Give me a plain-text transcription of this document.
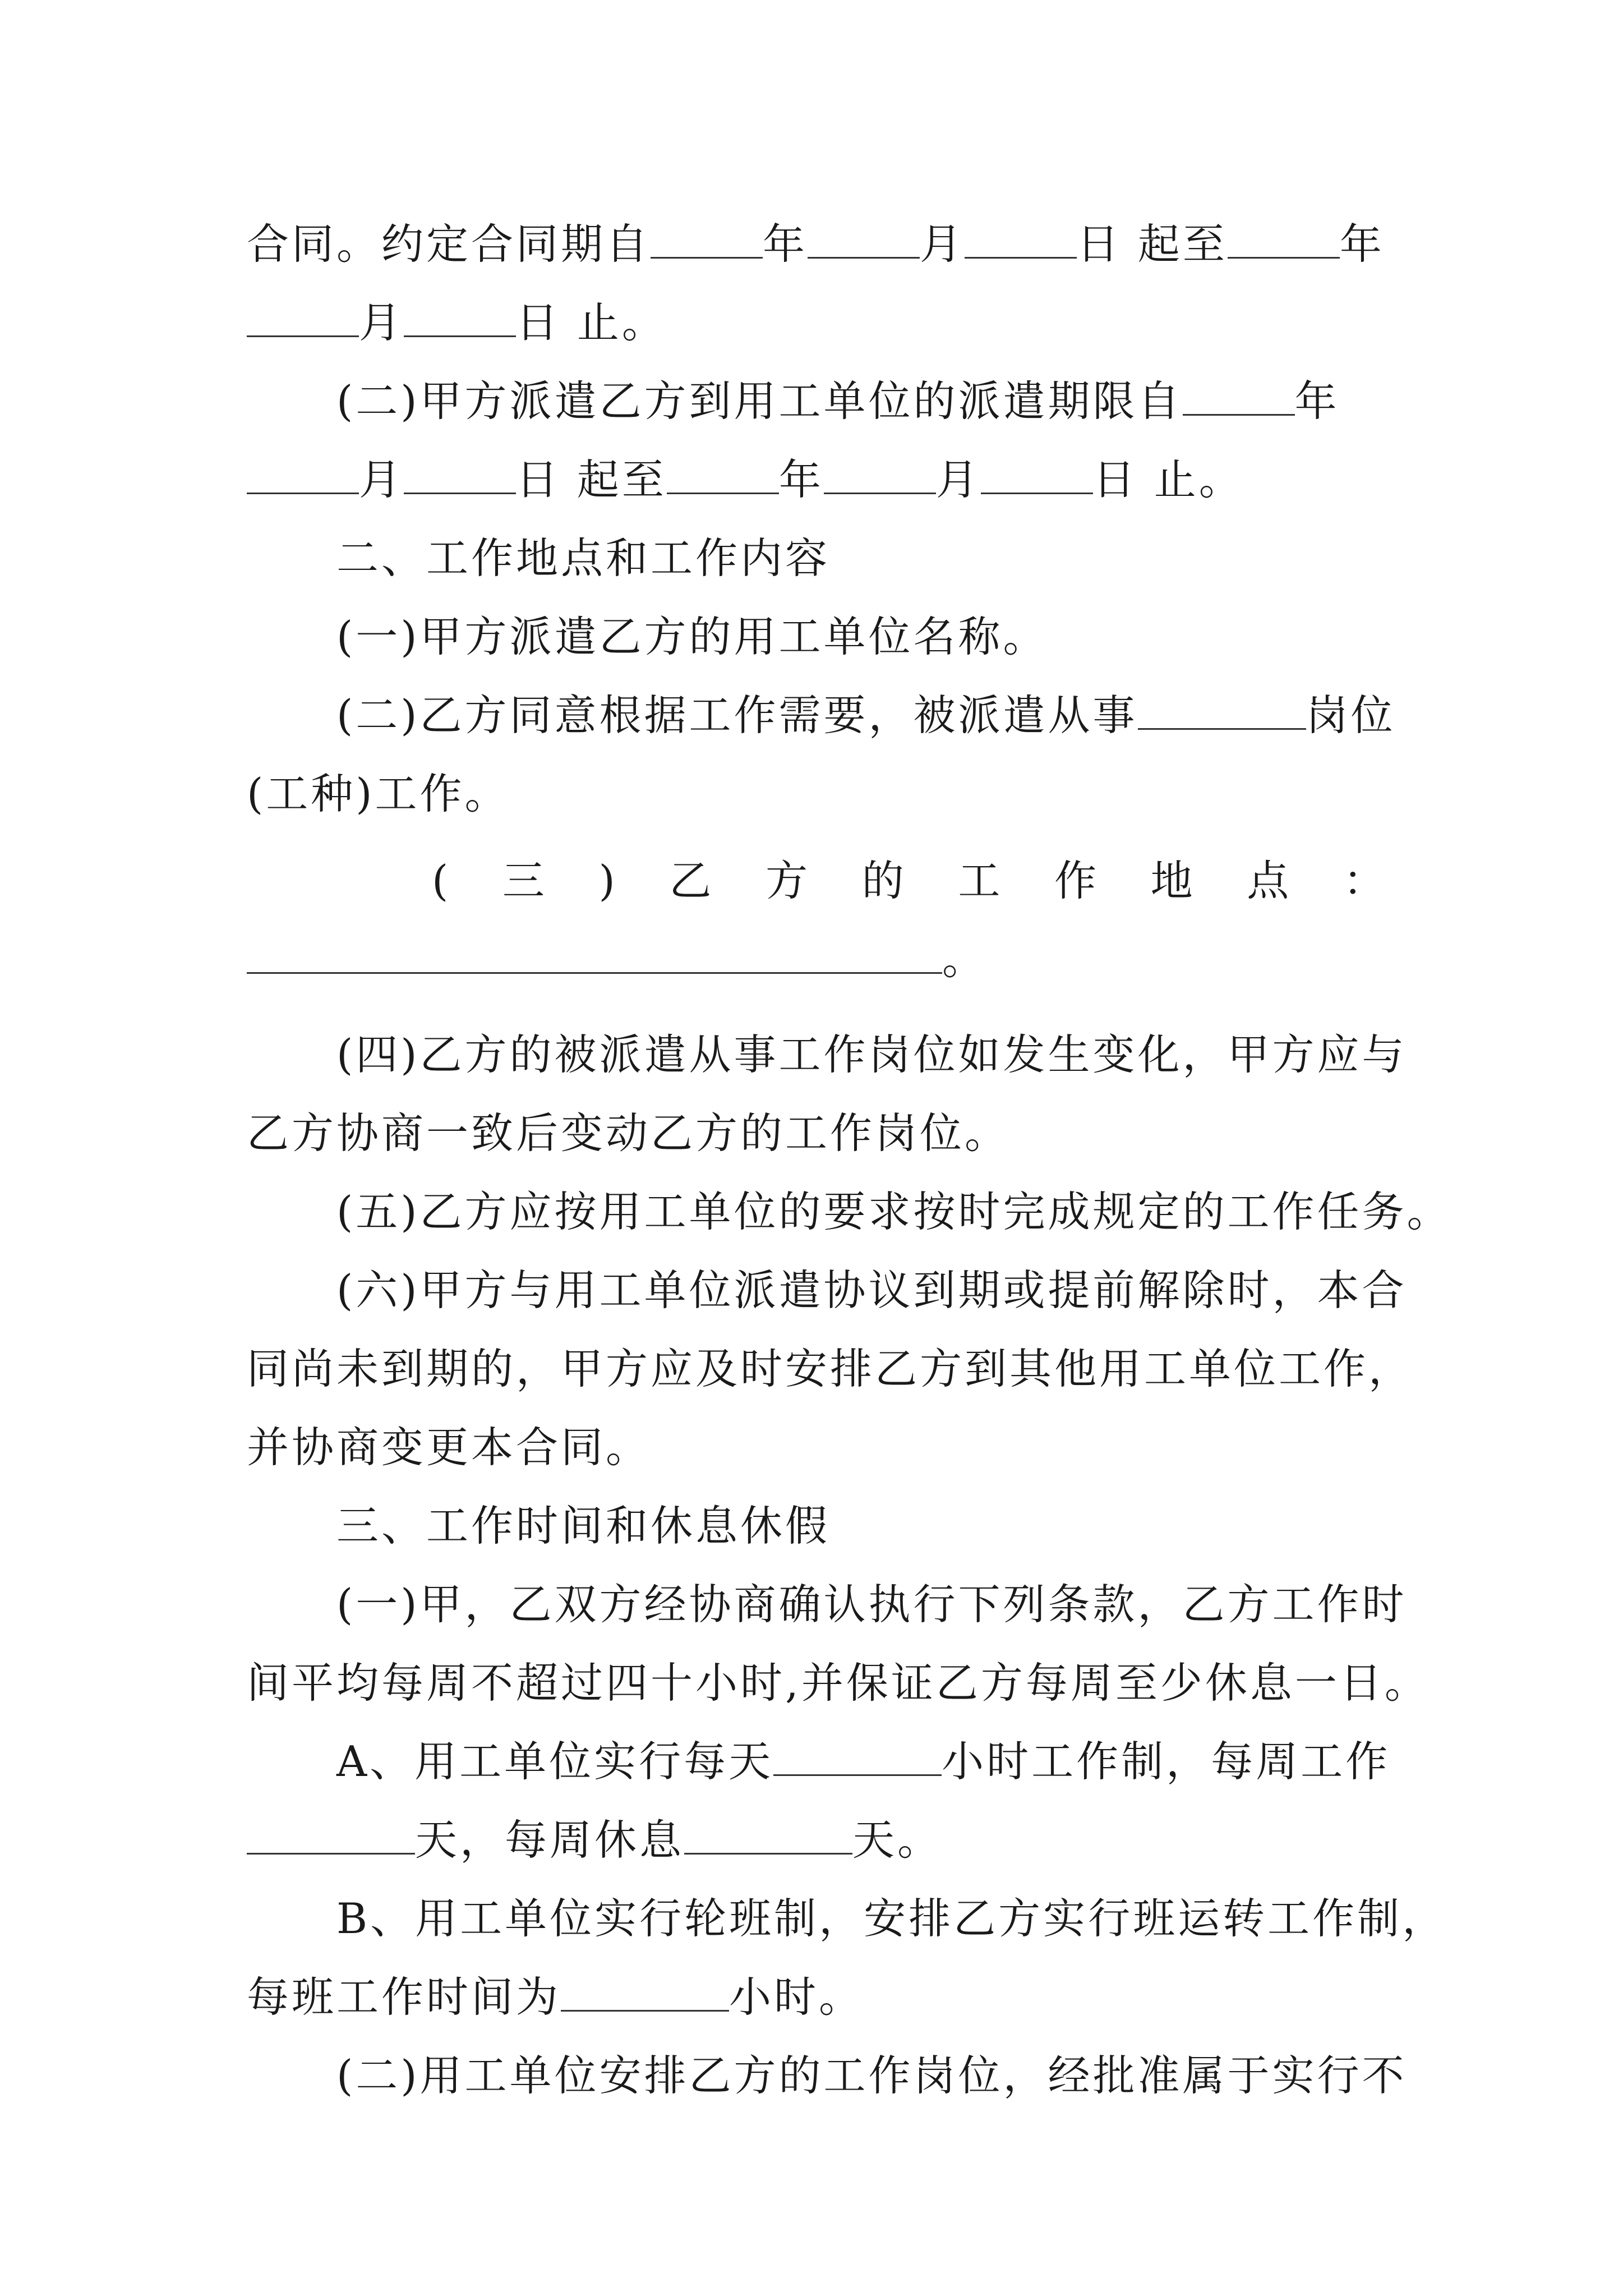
合同。约定合同期自	年	月	日 起至	年
月	日 止。
(二)甲方派遣乙方到用工单位的派遣期限自	年
月	日 起至	年	月	日 止。
二、工作地点和工作内容
(一)甲方派遣乙方的用工单位名称。
(二)乙方同意根据工作需要，被派遣从事	岗位
(工种)工作。
( 三 ) 乙 方 的 工 作 地 点 ：
。
(四)乙方的被派遣从事工作岗位如发生变化，甲方应与
乙方协商一致后变动乙方的工作岗位。
(五)乙方应按用工单位的要求按时完成规定的工作任务。
(六)甲方与用工单位派遣协议到期或提前解除时，本合
同尚未到期的，甲方应及时安排乙方到其他用工单位工作，
并协商变更本合同。
三、工作时间和休息休假
(一)甲，乙双方经协商确认执行下列条款，乙方工作时
间平均每周不超过四十小时,并保证乙方每周至少休息一日。
A、用工单位实行每天	小时工作制，每周工作
天，每周休息	天。
B、用工单位实行轮班制，安排乙方实行班运转工作制，
每班工作时间为	小时。
(二)用工单位安排乙方的工作岗位，经批准属于实行不
